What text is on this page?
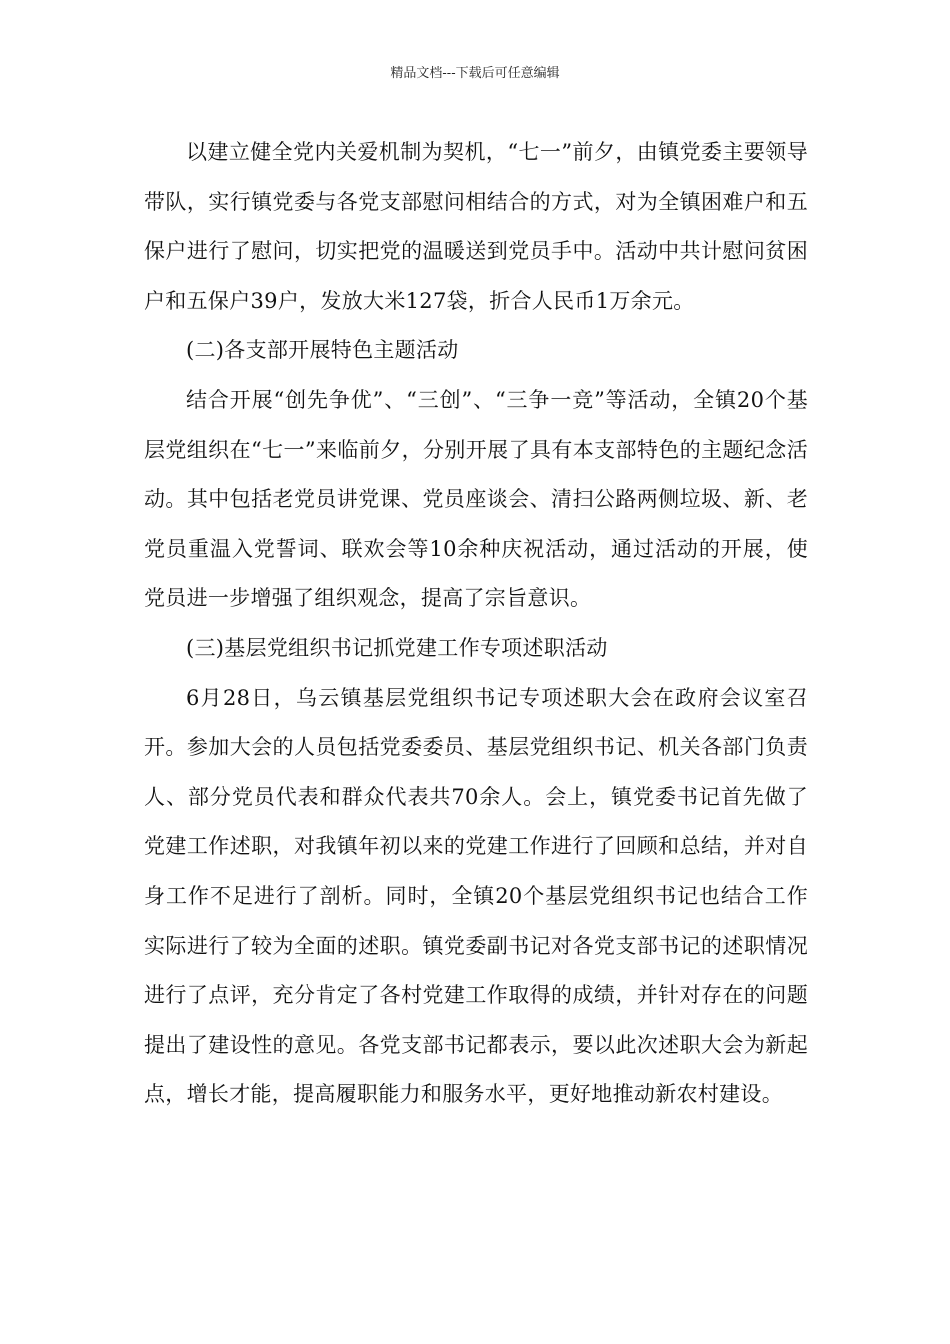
精品文档---下载后可任意编辑

以建立健全党内关爱机制为契机，“七一”前夕，由镇党委主要领导带队，实行镇党委与各党支部慰问相结合的方式，对为全镇困难户和五保户进行了慰问，切实把党的温暖送到党员手中。活动中共计慰问贫困户和五保户39户，发放大米127袋，折合人民币1万余元。

(二)各支部开展特色主题活动

结合开展“创先争优”、“三创”、“三争一竞”等活动，全镇20个基层党组织在“七一”来临前夕，分别开展了具有本支部特色的主题纪念活动。其中包括老党员讲党课、党员座谈会、清扫公路两侧垃圾、新、老党员重温入党誓词、联欢会等10余种庆祝活动，通过活动的开展，使党员进一步增强了组织观念，提高了宗旨意识。

(三)基层党组织书记抓党建工作专项述职活动

6月28日，乌云镇基层党组织书记专项述职大会在政府会议室召开。参加大会的人员包括党委委员、基层党组织书记、机关各部门负责人、部分党员代表和群众代表共70余人。会上，镇党委书记首先做了党建工作述职，对我镇年初以来的党建工作进行了回顾和总结，并对自身工作不足进行了剖析。同时，全镇20个基层党组织书记也结合工作实际进行了较为全面的述职。镇党委副书记对各党支部书记的述职情况进行了点评，充分肯定了各村党建工作取得的成绩，并针对存在的问题提出了建设性的意见。各党支部书记都表示，要以此次述职大会为新起点，增长才能，提高履职能力和服务水平，更好地推动新农村建设。
